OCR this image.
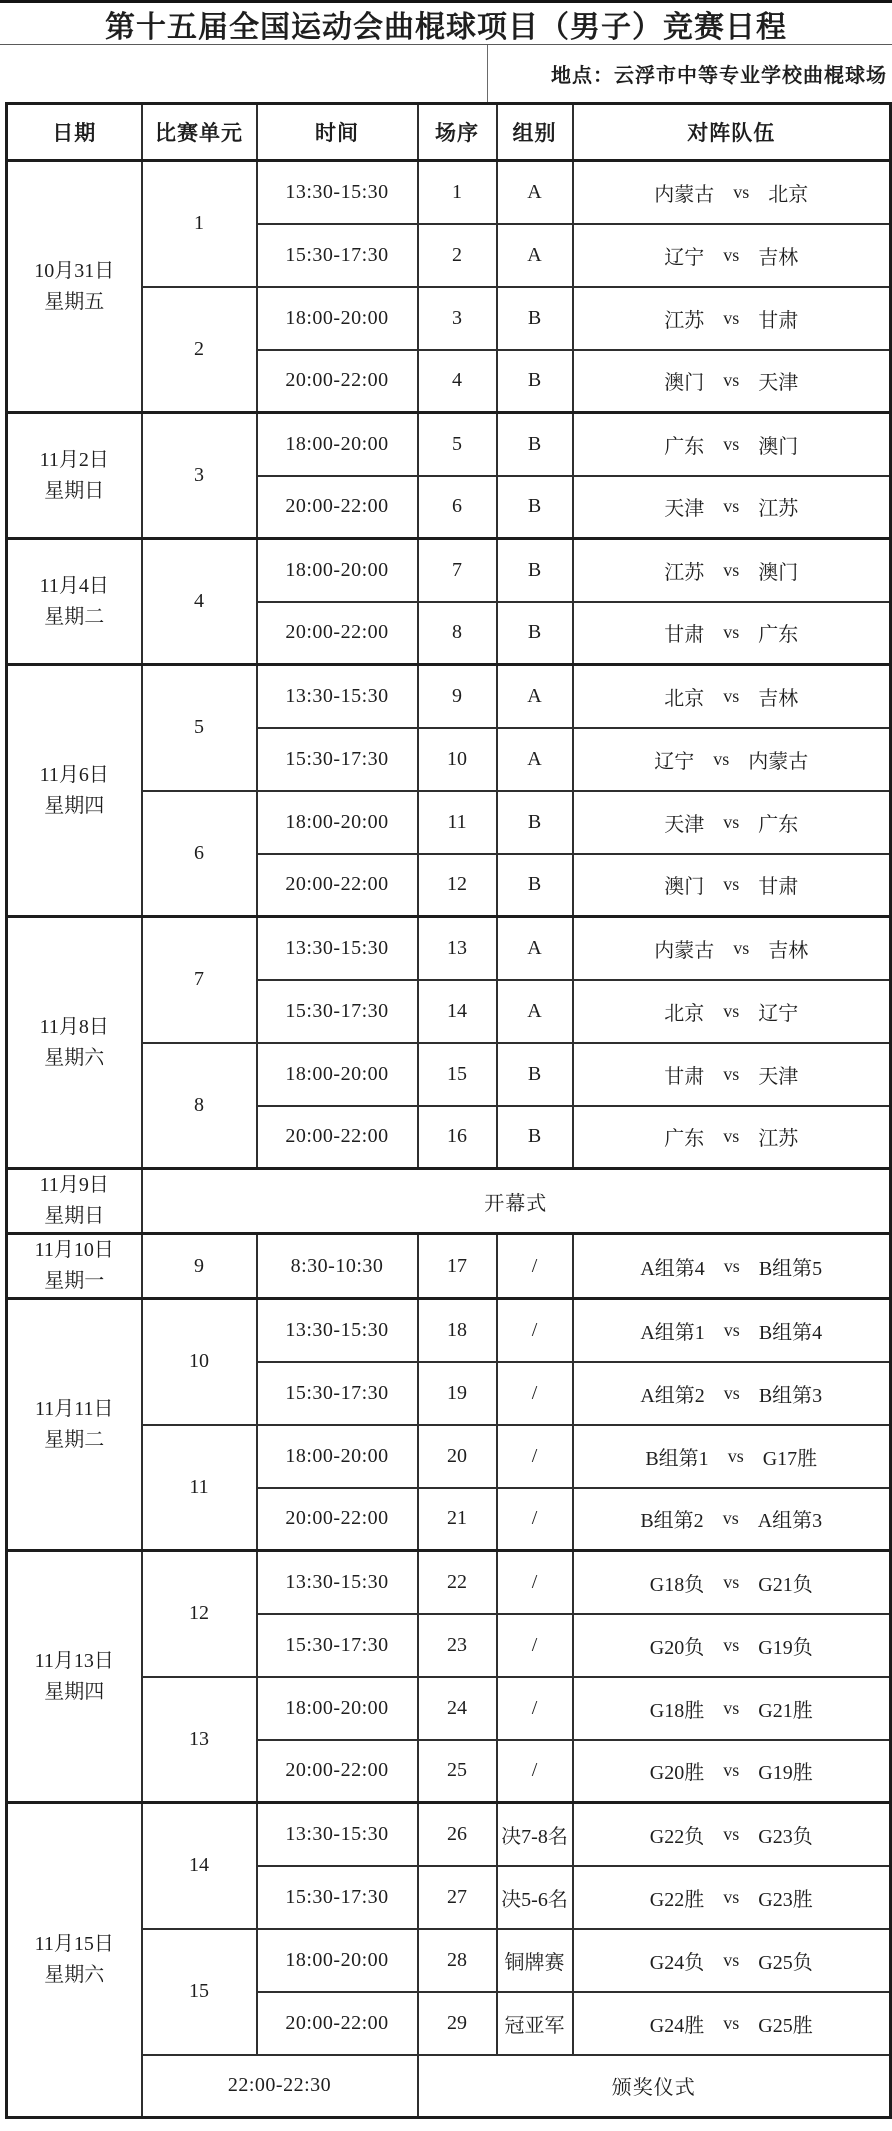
第十五届全国运动会曲棍球项目（男子）竞赛日程
地点：云浮市中等专业学校曲棍球场
日期	比赛单元	时间	场序	组别	对阵队伍

10月31日
星期五
	1	13:30-15:30	1	A	内蒙古 vs 北京

		15:30-17:30	2	A	辽宁 vs 吉林

	2	18:00-20:00	3	B	江苏 vs 甘肃

		20:00-22:00	4	B	澳门 vs 天津

11月2日
星期日
	3	18:00-20:00	5	B	广东 vs 澳门

		20:00-22:00	6	B	天津 vs 江苏

11月4日
星期二
	4	18:00-20:00	7	B	江苏 vs 澳门

		20:00-22:00	8	B	甘肃 vs 广东

11月6日
星期四
	5	13:30-15:30	9	A	北京 vs 吉林

		15:30-17:30	10	A	辽宁 vs 内蒙古

	6	18:00-20:00	11	B	天津 vs 广东

		20:00-22:00	12	B	澳门 vs 甘肃

11月8日
星期六
	7	13:30-15:30	13	A	内蒙古 vs 吉林

		15:30-17:30	14	A	北京 vs 辽宁

	8	18:00-20:00	15	B	甘肃 vs 天津

		20:00-22:00	16	B	广东 vs 江苏

11月9日
星期日	开幕式				

11月10日
星期一
	9	8:30-10:30	17	/	A组第4 vs B组第5

11月11日
星期二
	10	13:30-15:30	18	/	A组第1 vs B组第4

		15:30-17:30	19	/	A组第2 vs B组第3

	11	18:00-20:00	20	/	B组第1 vs G17胜

		20:00-22:00	21	/	B组第2 vs A组第3

11月13日
星期四
	12	13:30-15:30	22	/	G18负 vs G21负

		15:30-17:30	23	/	G20负 vs G19负

	13	18:00-20:00	24	/	G18胜 vs G21胜

		20:00-22:00	25	/	G20胜 vs G19胜

11月15日
星期六
	14	13:30-15:30	26	决7-8名	G22负 vs G23负

		15:30-17:30	27	决5-6名	G22胜 vs G23胜

	15	18:00-20:00	28	铜牌赛	G24负 vs G25负

		20:00-22:00	29	冠亚军	G24胜 vs G25胜

	22:00-22:30		颁奖仪式		
